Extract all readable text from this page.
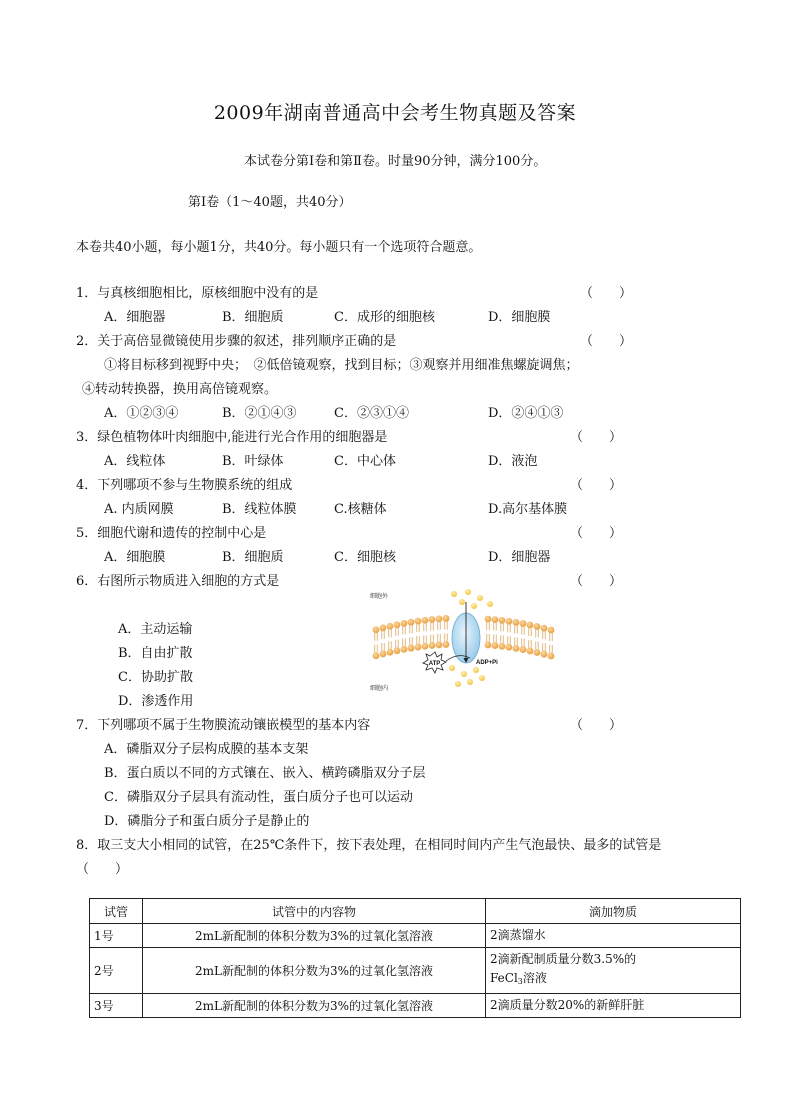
2009年湖南普通高中会考生物真题及答案
本试卷分第Ⅰ卷和第Ⅱ卷。时量90分钟，满分100分。
第Ⅰ卷（1～40题，共40分）
本卷共40小题，每小题1分，共40分。每小题只有一个选项符合题意。
1．与真核细胞相比，原核细胞中没有的是	（　　）
A．细胞器	B．细胞质	C．成形的细胞核	D．细胞膜
2．关于高倍显微镜使用步骤的叙述，排列顺序正确的是	（　　）
①将目标移到视野中央；　②低倍镜观察，找到目标；③观察并用细准焦螺旋调焦；
④转动转换器，换用高倍镜观察。
A．①②③④	B．②①④③	C．②③①④	D．②④①③
3．绿色植物体叶肉细胞中,能进行光合作用的细胞器是	（　　）
A．线粒体	B．叶绿体	C．中心体	D．液泡
4．下列哪项不参与生物膜系统的组成	（　　）
A. 内质网膜	B．线粒体膜	C.核糖体	D.高尔基体膜
5．细胞代谢和遗传的控制中心是	（　　）
A．细胞膜	B．细胞质	C．细胞核	D．细胞器
6．右图所示物质进入细胞的方式是	（　　）
A．主动运输
B．自由扩散
C．协助扩散
D．渗透作用
ATP	ADP+Pi
细胞外
细胞内
7．下列哪项不属于生物膜流动镶嵌模型的基本内容	（　　）
A．磷脂双分子层构成膜的基本支架
B．蛋白质以不同的方式镶在、嵌入、横跨磷脂双分子层
C．磷脂双分子层具有流动性，蛋白质分子也可以运动
D．磷脂分子和蛋白质分子是静止的
8．取三支大小相同的试管，在25℃条件下，按下表处理，在相同时间内产生气泡最快、最多的试管是
（　　）
试管	试管中的内容物	滴加物质
1号	2mL新配制的体积分数为3%的过氧化氢溶液	2滴蒸馏水
2号	2mL新配制的体积分数为3%的过氧化氢溶液	2滴新配制质量分数3.5%的
FeCl$_3$溶液
3号	2mL新配制的体积分数为3%的过氧化氢溶液	2滴质量分数20%的新鲜肝脏
